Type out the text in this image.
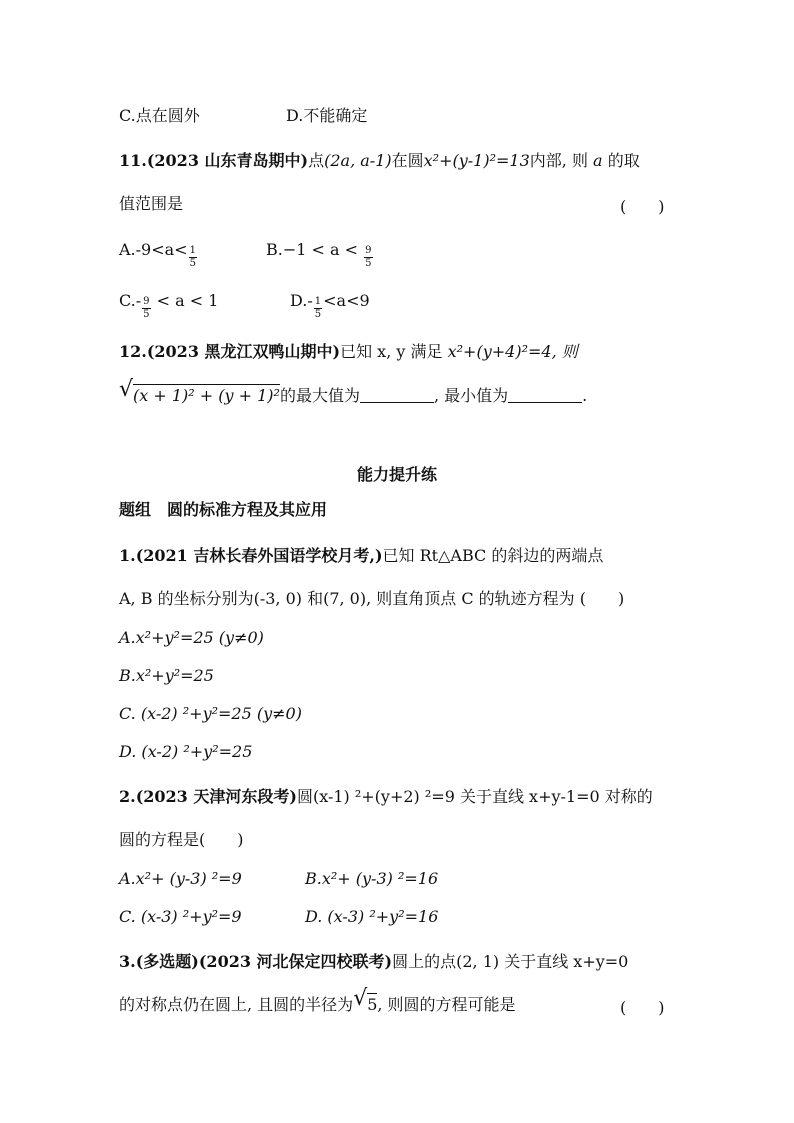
C.点在圆外	D.不能确定
11.(2023 山东青岛期中)点(2a, a-1)在圆x²+(y-1)²=13内部, 则 a 的取
值范围是	(　　)
$A.-9<a< \frac{1}{5}$	$B.-1 < a < \frac{9}{5}$
$C.- \frac{9}{5} < a < 1$	$D.- \frac{1}{5} <a<9$
12.(2023 黑龙江双鸭山期中)已知 x, y 满足 x²+(y+4)²=4, 则
√ (x + 1)² + (y + 1)²的最大值为	, 最小值为	.
能力提升练
题组　 圆的标准方程及其应用
1.(2021 吉林长春外国语学校月考,)已知 Rt△ABC 的斜边的两端点
A, B 的坐标分别为(-3, 0) 和(7, 0), 则直角顶点 C 的轨迹方程为 (　　)
A.x²+y²=25 (y≠0)
B.x²+y²=25
C. (x-2) ²+y²=25 (y≠0)
D. (x-2) ²+y²=25
2.(2023 天津河东段考)圆(x-1) ²+(y+2) ²=9 关于直线 x+y-1=0 对称的
圆的方程是(　　)
A.x²+ (y-3) ²=9	B.x²+ (y-3) ²=16
C. (x-3) ²+y²=9	D. (x-3) ²+y²=16
3.(多选题)(2023 河北保定四校联考)圆上的点(2, 1) 关于直线 x+y=0
的对称点仍在圆上, 且圆的半径为 √ 5, 则圆的方程可能是	(　　)
